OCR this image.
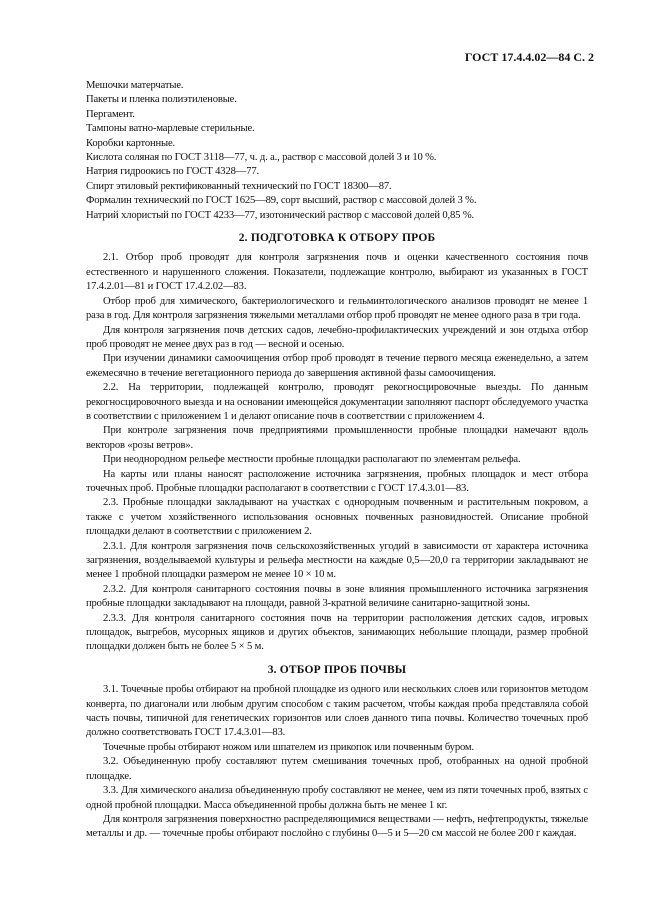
ГОСТ 17.4.4.02—84 С. 2

Мешочки матерчатые.

Пакеты и пленка полиэтиленовые.

Пергамент.

Тампоны ватно-марлевые стерильные.

Коробки картонные.

Кислота соляная по ГОСТ 3118—77, ч. д. а., раствор с массовой долей 3 и 10 %.

Натрия гидроокись по ГОСТ 4328—77.

Спирт этиловый ректификованный технический по ГОСТ 18300—87.

Формалин технический по ГОСТ 1625—89, сорт высший, раствор с массовой долей 3 %.

Натрий хлористый по ГОСТ 4233—77, изотонический раствор с массовой долей 0,85 %.

2. ПОДГОТОВКА К ОТБОРУ ПРОБ

2.1. Отбор проб проводят для контроля загрязнения почв и оценки качественного состояния почв естественного и нарушенного сложения. Показатели, подлежащие контролю, выбирают из указанных в ГОСТ 17.4.2.01—81 и ГОСТ 17.4.2.02—83.

Отбор проб для химического, бактериологического и гельминтологического анализов проводят не менее 1 раза в год. Для контроля загрязнения тяжелыми металлами отбор проб проводят не менее одного раза в три года.

Для контроля загрязнения почв детских садов, лечебно-профилактических учреждений и зон отдыха отбор проб проводят не менее двух раз в год — весной и осенью.

При изучении динамики самоочищения отбор проб проводят в течение первого месяца еженедельно, а затем ежемесячно в течение вегетационного периода до завершения активной фазы самоочищения.

2.2. На территории, подлежащей контролю, проводят рекогносцировочные выезды. По данным рекогносцировочного выезда и на основании имеющейся документации заполняют паспорт обследуемого участка в соответствии с приложением 1 и делают описание почв в соответствии с приложением 4.

При контроле загрязнения почв предприятиями промышленности пробные площадки намечают вдоль векторов «розы ветров».

При неоднородном рельефе местности пробные площадки располагают по элементам рельефа.

На карты или планы наносят расположение источника загрязнения, пробных площадок и мест отбора точечных проб. Пробные площадки располагают в соответствии с ГОСТ 17.4.3.01—83.

2.3. Пробные площадки закладывают на участках с однородным почвенным и растительным покровом, а также с учетом хозяйственного использования основных почвенных разновидностей. Описание пробной площадки делают в соответствии с приложением 2.

2.3.1. Для контроля загрязнения почв сельскохозяйственных угодий в зависимости от характера источника загрязнения, возделываемой культуры и рельефа местности на каждые 0,5—20,0 га территории закладывают не менее 1 пробной площадки размером не менее 10 × 10 м.

2.3.2. Для контроля санитарного состояния почвы в зоне влияния промышленного источника загрязнения пробные площадки закладывают на площади, равной 3-кратной величине санитарно-защитной зоны.

2.3.3. Для контроля санитарного состояния почв на территории расположения детских садов, игровых площадок, выгребов, мусорных ящиков и других объектов, занимающих небольшие площади, размер пробной площадки должен быть не более 5 × 5 м.

3. ОТБОР ПРОБ ПОЧВЫ

3.1. Точечные пробы отбирают на пробной площадке из одного или нескольких слоев или горизонтов методом конверта, по диагонали или любым другим способом с таким расчетом, чтобы каждая проба представляла собой часть почвы, типичной для генетических горизонтов или слоев данного типа почвы. Количество точечных проб должно соответствовать ГОСТ 17.4.3.01—83.

Точечные пробы отбирают ножом или шпателем из прикопок или почвенным буром.

3.2. Объединенную пробу составляют путем смешивания точечных проб, отобранных на одной пробной площадке.

3.3. Для химического анализа объединенную пробу составляют не менее, чем из пяти точечных проб, взятых с одной пробной площадки. Масса объединенной пробы должна быть не менее 1 кг.

Для контроля загрязнения поверхностно распределяющимися веществами — нефть, нефтепродукты, тяжелые металлы и др. — точечные пробы отбирают послойно с глубины 0—5 и 5—20 см массой не более 200 г каждая.
